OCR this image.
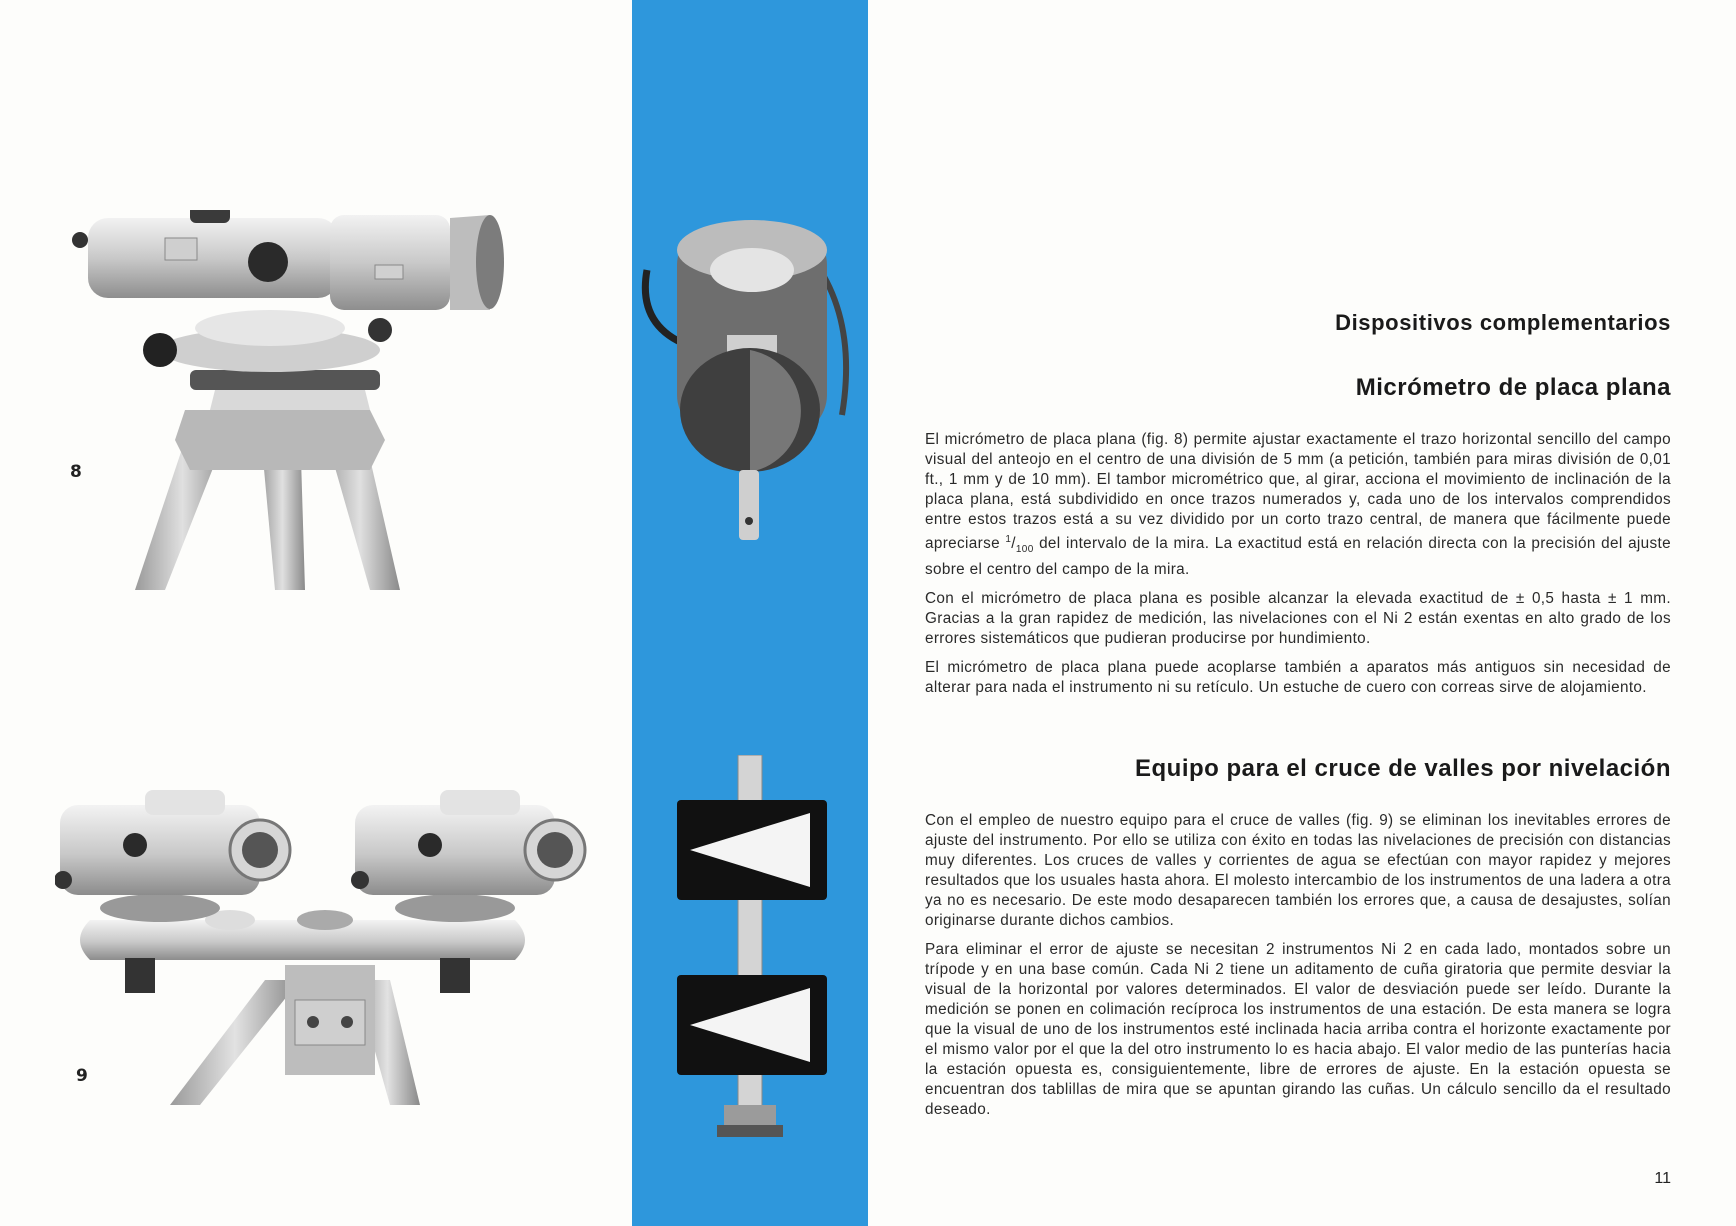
8
9
Dispositivos complementarios
Micrómetro de placa plana

El micrómetro de placa plana (fig. 8) permite ajustar exactamente el trazo horizontal sencillo del campo visual del anteojo en el centro de una división de 5 mm (a petición, también para miras división de 0,01 ft., 1 mm y de 10 mm). El tambor micrométrico que, al girar, acciona el movimiento de inclinación de la placa plana, está subdividido en once trazos numerados y, cada uno de los intervalos comprendidos entre estos trazos está a su vez dividido por un corto trazo central, de manera que fácilmente puede apreciarse $^1/_{100}$ del intervalo de la mira. La exactitud está en relación directa con la precisión del ajuste sobre el centro del campo de la mira.

Con el micrómetro de placa plana es posible alcanzar la elevada exactitud de ± 0,5 hasta ± 1 mm. Gracias a la gran rapidez de medición, las nivelaciones con el Ni 2 están exentas en alto grado de los errores sistemáticos que pudieran producirse por hundimiento.

El micrómetro de placa plana puede acoplarse también a aparatos más antiguos sin necesidad de alterar para nada el instrumento ni su retículo. Un estuche de cuero con correas sirve de alojamiento.

Equipo para el cruce de valles por nivelación

Con el empleo de nuestro equipo para el cruce de valles (fig. 9) se eliminan los inevitables errores de ajuste del instrumento. Por ello se utiliza con éxito en todas las nivelaciones de precisión con distancias muy diferentes. Los cruces de valles y corrientes de agua se efectúan con mayor rapidez y mejores resultados que los usuales hasta ahora. El molesto intercambio de los instrumentos de una ladera a otra ya no es necesario. De este modo desaparecen también los errores que, a causa de desajustes, solían originarse durante dichos cambios.

Para eliminar el error de ajuste se necesitan 2 instrumentos Ni 2 en cada lado, montados sobre un trípode y en una base común. Cada Ni 2 tiene un aditamento de cuña giratoria que permite desviar la visual de la horizontal por valores determinados. El valor de desviación puede ser leído. Durante la medición se ponen en colimación recíproca los instrumentos de una estación. De esta manera se logra que la visual de uno de los instrumentos esté inclinada hacia arriba contra el horizonte exactamente por el mismo valor por el que la del otro instrumento lo es hacia abajo. El valor medio de las punterías hacia la estación opuesta es, consiguientemente, libre de errores de ajuste. En la estación opuesta se encuentran dos tablillas de mira que se apuntan girando las cuñas. Un cálculo sencillo da el resultado deseado.

11
